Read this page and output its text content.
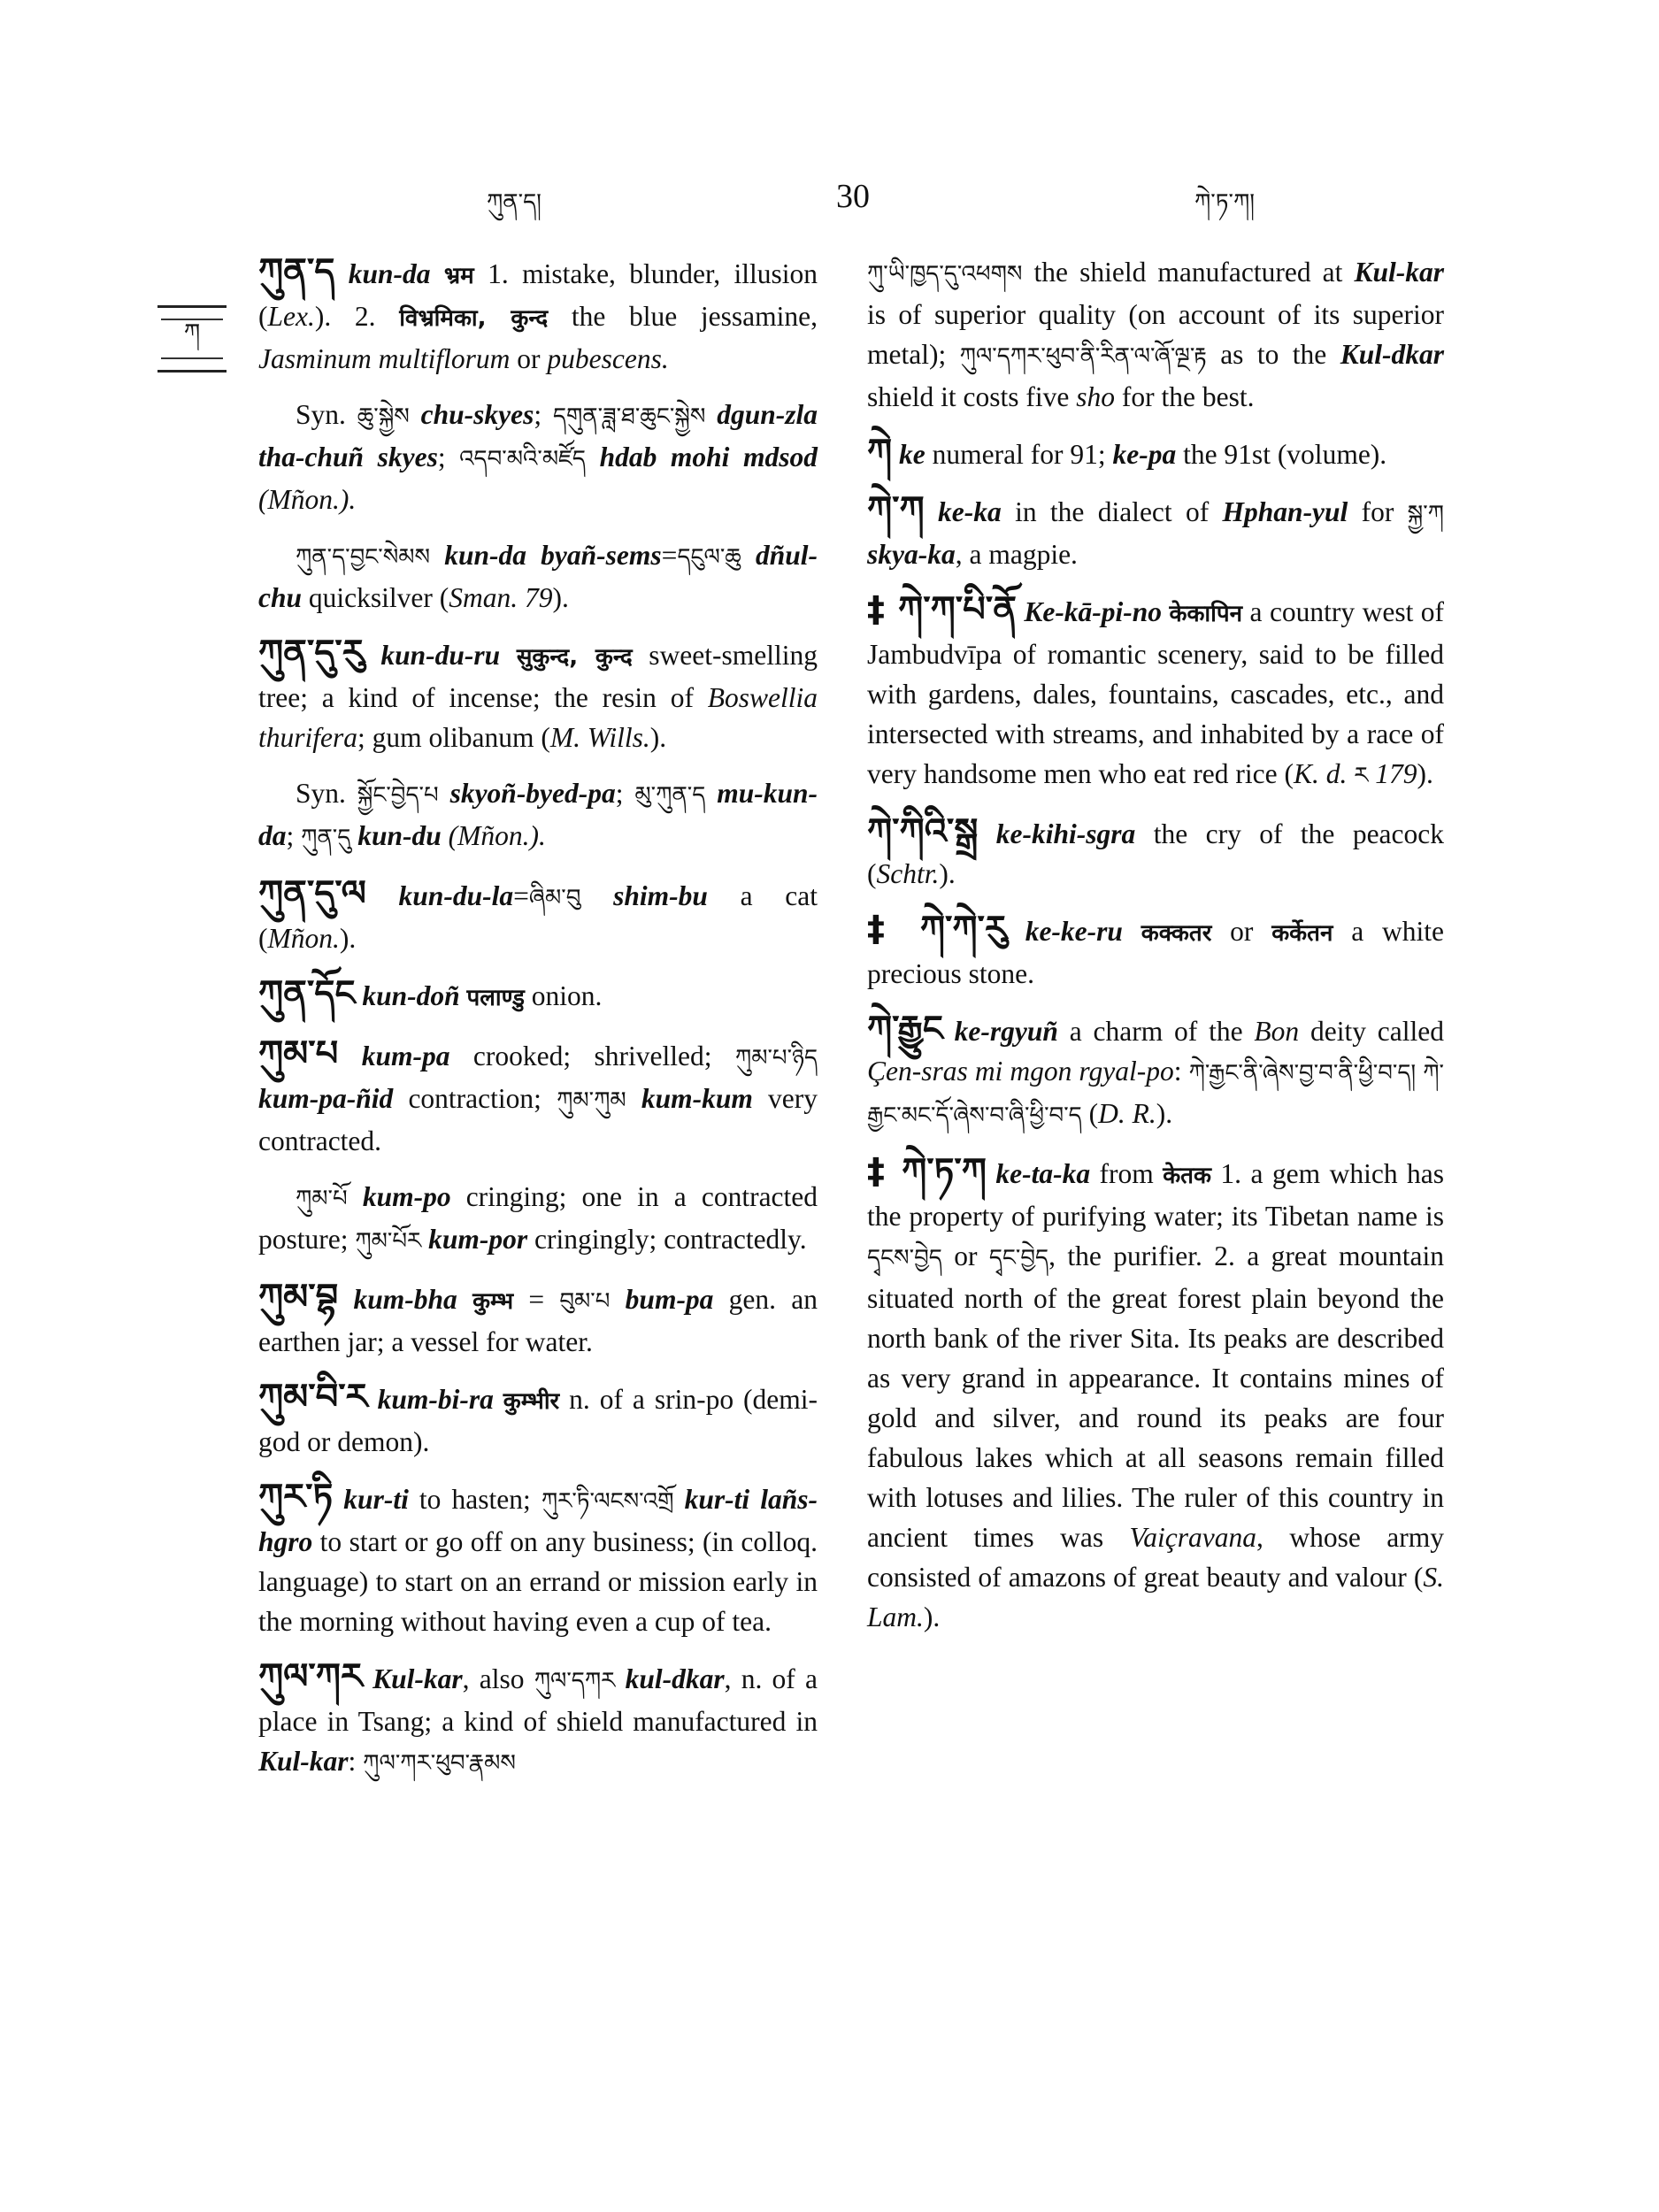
ཀུན་ད།	30	ཀེ་ཏ་ཀ།
ཀ

ཀུན་ད kun-da भ्रम 1. mistake, blunder, illusion (Lex.). 2. विभ्रमिका, कुन्द the blue jessamine, Jasminum multiflorum or pubescens.

Syn. ཆུ་སྐྱེས chu-skyes; དགུན་ཟླ་ཐ་ཆུང་སྐྱེས dgun-zla tha-chuñ skyes; འདབ་མའི་མཛོད hdab mohi mdsod (Mñon.).

ཀུན་ད་བྱང་སེམས kun-da byañ-sems=དངུལ་ཆུ dñul-chu quicksilver (Sman. 79).

ཀུན་དུ་རུ kun-du-ru सुकुन्द, कुन्द sweet-smelling tree; a kind of incense; the resin of Boswellia thurifera; gum olibanum (M. Wills.).

Syn. སྐྱོང་བྱེད་པ skyoñ-byed-pa; མུ་ཀུན་ད mu-kun-da; ཀུན་དུ kun-du (Mñon.).

ཀུན་དུ་ལ kun-du-la=ཞིམ་བུ shim-bu a cat (Mñon.).

ཀུན་དོང kun-doñ पलाण्डु onion.

ཀུམ་པ kum-pa crooked; shrivelled; ཀུམ་པ་ཉིད kum-pa-ñid contraction; ཀུམ་ཀུམ kum-kum very contracted.

ཀུམ་པོ kum-po cringing; one in a contracted posture; ཀུམ་པོར kum-por cringingly; contractedly.

ཀུམ་བྷ kum-bha कुम्भ = བུམ་པ bum-pa gen. an earthen jar; a vessel for water.

ཀུམ་བི་ར kum-bi-ra कुम्भीर n. of a srin-po (demi-god or demon).

ཀུར་ཏི kur-ti to hasten; ཀུར་ཏི་ལངས་འགྲོ kur-ti lañs-hgro to start or go off on any business; (in colloq. language) to start on an errand or mission early in the morning without having even a cup of tea.

ཀུལ་ཀར Kul-kar, also ཀུལ་དཀར kul-dkar, n. of a place in Tsang; a kind of shield manufactured in Kul-kar: ཀུལ་ཀར་ཕུབ་རྣམས

ཀུ་ཡི་ཁྱད་དུ་འཕགས the shield manufactured at Kul-kar is of superior quality (on account of its superior metal); ཀུལ་དཀར་ཕུབ་ནི་རིན་ལ་ཞོ་ལྔ་རྟ as to the Kul-dkar shield it costs five sho for the best.

ཀེ ke numeral for 91; ke-pa the 91st (volume).

ཀེ་ཀ ke-ka in the dialect of Hphan-yul for སྐྱ་ཀ skya-ka, a magpie.

‡ ཀེ་ཀ་པི་ནོ Ke-kā-pi-no केकापिन a country west of Jambudvīpa of romantic scenery, said to be filled with gardens, dales, fountains, cascades, etc., and intersected with streams, and inhabited by a race of very handsome men who eat red rice (K. d. ར 179).

ཀེ་ཀིའི་སྒྲ ke-kihi-sgra the cry of the peacock (Schtr.).

‡ ཀེ་ཀེ་རུ ke-ke-ru कक्कतर or कर्केतन a white precious stone.

ཀེ་རྒྱུང ke-rgyuñ a charm of the Bon deity called Çen-sras mi mgon rgyal-po: ཀེ་རྒྱང་ནི་ཞེས་བྱ་བ་ནི་ཕྱི་བ་ད། ཀེ་རྒྱང་མང་དོ་ཞེས་བ་ཞི་ཕྱི་བ་ད (D. R.).

‡ ཀེ་ཏ་ཀ ke-ta-ka from केतक 1. a gem which has the property of purifying water; its Tibetan name is དྭངས་བྱེད or དྭང་བྱེད, the purifier. 2. a great mountain situated north of the great forest plain beyond the north bank of the river Sita. Its peaks are described as very grand in appearance. It contains mines of gold and silver, and round its peaks are four fabulous lakes which at all seasons remain filled with lotuses and lilies. The ruler of this country in ancient times was Vaiçravana, whose army consisted of amazons of great beauty and valour (S. Lam.).
